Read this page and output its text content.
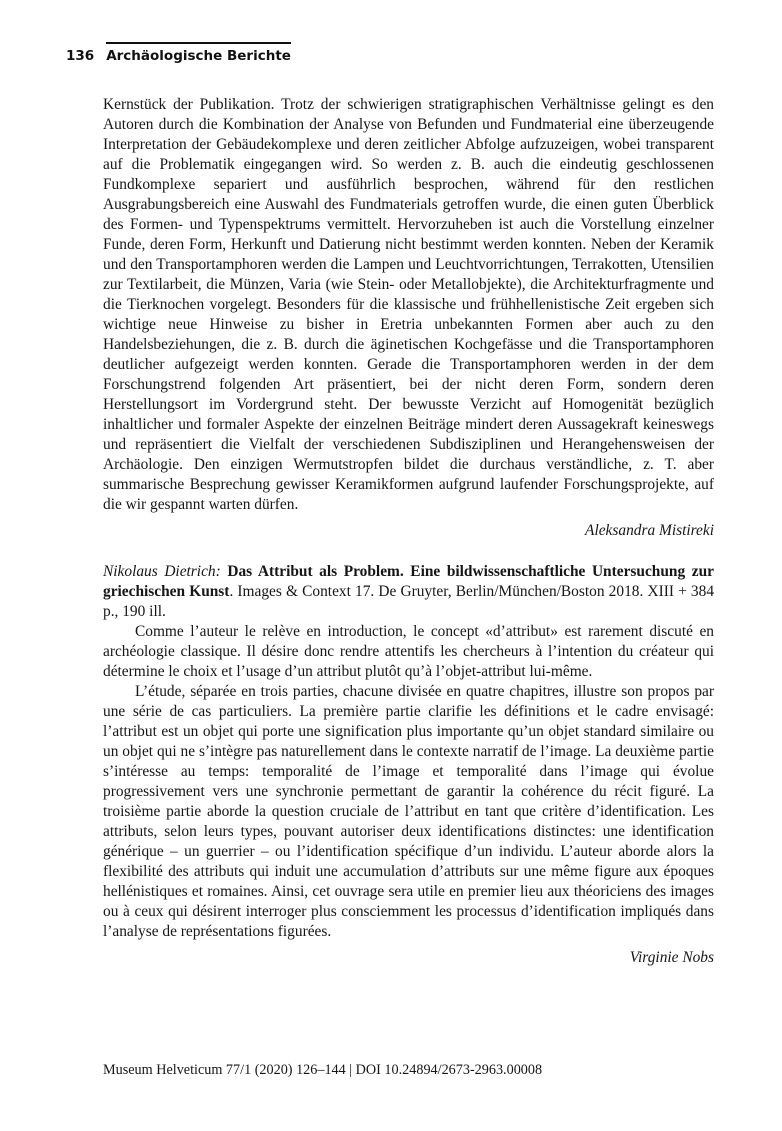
136 Archäologische Berichte

Kernstück der Publikation. Trotz der schwierigen stratigraphischen Verhältnisse gelingt es den Autoren durch die Kombination der Analyse von Befunden und Fundmaterial eine überzeugende Interpretation der Gebäudekomplexe und deren zeitlicher Abfolge aufzuzeigen, wobei transparent auf die Problematik eingegangen wird. So werden z. B. auch die eindeutig geschlossenen Fundkomplexe separiert und ausführlich besprochen, während für den restlichen Ausgrabungsbereich eine Auswahl des Fundmaterials getroffen wurde, die einen guten Überblick des Formen- und Typenspektrums vermittelt. Hervorzuheben ist auch die Vorstellung einzelner Funde, deren Form, Herkunft und Datierung nicht bestimmt werden konnten. Neben der Keramik und den Transportamphoren werden die Lampen und Leuchtvorrichtungen, Terrakotten, Utensilien zur Textilarbeit, die Münzen, Varia (wie Stein- oder Metallobjekte), die Architekturfragmente und die Tierknochen vorgelegt. Besonders für die klassische und frühhellenistische Zeit ergeben sich wichtige neue Hinweise zu bisher in Eretria unbekannten Formen aber auch zu den Handelsbeziehungen, die z. B. durch die äginetischen Kochgefässe und die Transportamphoren deutlicher aufgezeigt werden konnten. Gerade die Transportamphoren werden in der dem Forschungstrend folgenden Art präsentiert, bei der nicht deren Form, sondern deren Herstellungsort im Vordergrund steht. Der bewusste Verzicht auf Homogenität bezüglich inhaltlicher und formaler Aspekte der einzelnen Beiträge mindert deren Aussagekraft keineswegs und repräsentiert die Vielfalt der verschiedenen Subdisziplinen und Herangehensweisen der Archäologie. Den einzigen Wermutstropfen bildet die durchaus verständliche, z. T. aber summarische Besprechung gewisser Keramikformen aufgrund laufender Forschungsprojekte, auf die wir gespannt warten dürfen.

Aleksandra Mistireki

Nikolaus Dietrich: Das Attribut als Problem. Eine bildwissenschaftliche Untersuchung zur griechischen Kunst. Images & Context 17. De Gruyter, Berlin/München/Boston 2018. XIII + 384 p., 190 ill.

Comme l’auteur le relève en introduction, le concept «d’attribut» est rarement discuté en archéologie classique. Il désire donc rendre attentifs les chercheurs à l’intention du créateur qui détermine le choix et l’usage d’un attribut plutôt qu’à l’objet-attribut lui-même.

L’étude, séparée en trois parties, chacune divisée en quatre chapitres, illustre son propos par une série de cas particuliers. La première partie clarifie les définitions et le cadre envisagé: l’attribut est un objet qui porte une signification plus importante qu’un objet standard similaire ou un objet qui ne s’intègre pas naturellement dans le contexte narratif de l’image. La deuxième partie s’intéresse au temps: temporalité de l’image et temporalité dans l’image qui évolue progressivement vers une synchronie permettant de garantir la cohérence du récit figuré. La troisième partie aborde la question cruciale de l’attribut en tant que critère d’identification. Les attributs, selon leurs types, pouvant autoriser deux identifications distinctes: une identification générique – un guerrier – ou l’identification spécifique d’un individu. L’auteur aborde alors la flexibilité des attributs qui induit une accumulation d’attributs sur une même figure aux époques hellénistiques et romaines. Ainsi, cet ouvrage sera utile en premier lieu aux théoriciens des images ou à ceux qui désirent interroger plus consciemment les processus d’identification impliqués dans l’analyse de représentations figurées.

Virginie Nobs

Museum Helveticum 77/1 (2020) 126–144 | DOI 10.24894/2673-2963.00008
